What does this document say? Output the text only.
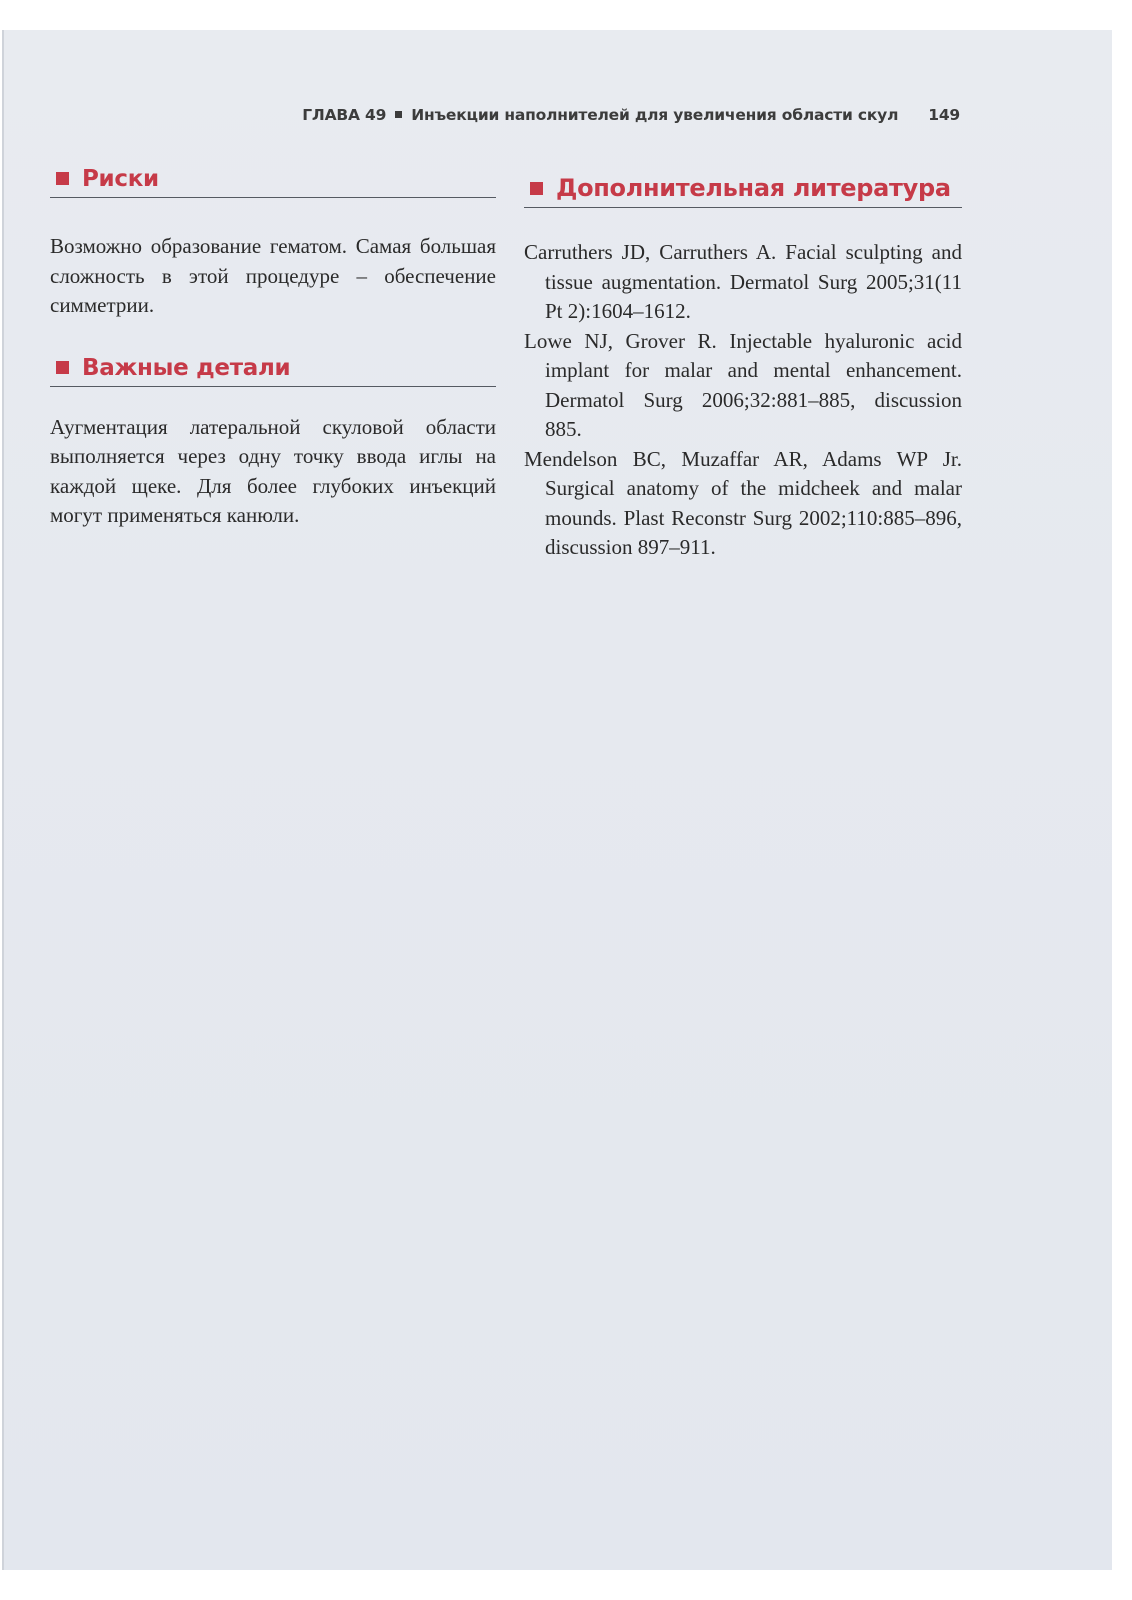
ГЛАВА 49 Инъекции наполнителей для увеличения области скул 149
Риски

Возможно образование гематом. Самая большая сложность в этой процедуре – обеспечение симметрии.

Важные детали

Аугментация латеральной скуловой области выполняется через одну точку ввода иглы на каждой щеке. Для более глубоких инъекций могут применяться канюли.

Дополнительная литература
Carruthers JD, Carruthers A. Facial sculpting and tissue augmentation. Dermatol Surg 2005;31(11 Pt 2):1604–1612.
Lowe NJ, Grover R. Injectable hyaluronic acid implant for malar and mental enhancement. Dermatol Surg 2006;32:881–885, discussion 885.
Mendelson BC, Muzaffar AR, Adams WP Jr. Surgical anatomy of the midcheek and malar mounds. Plast Reconstr Surg 2002;110:885–896, discussion 897–911.
